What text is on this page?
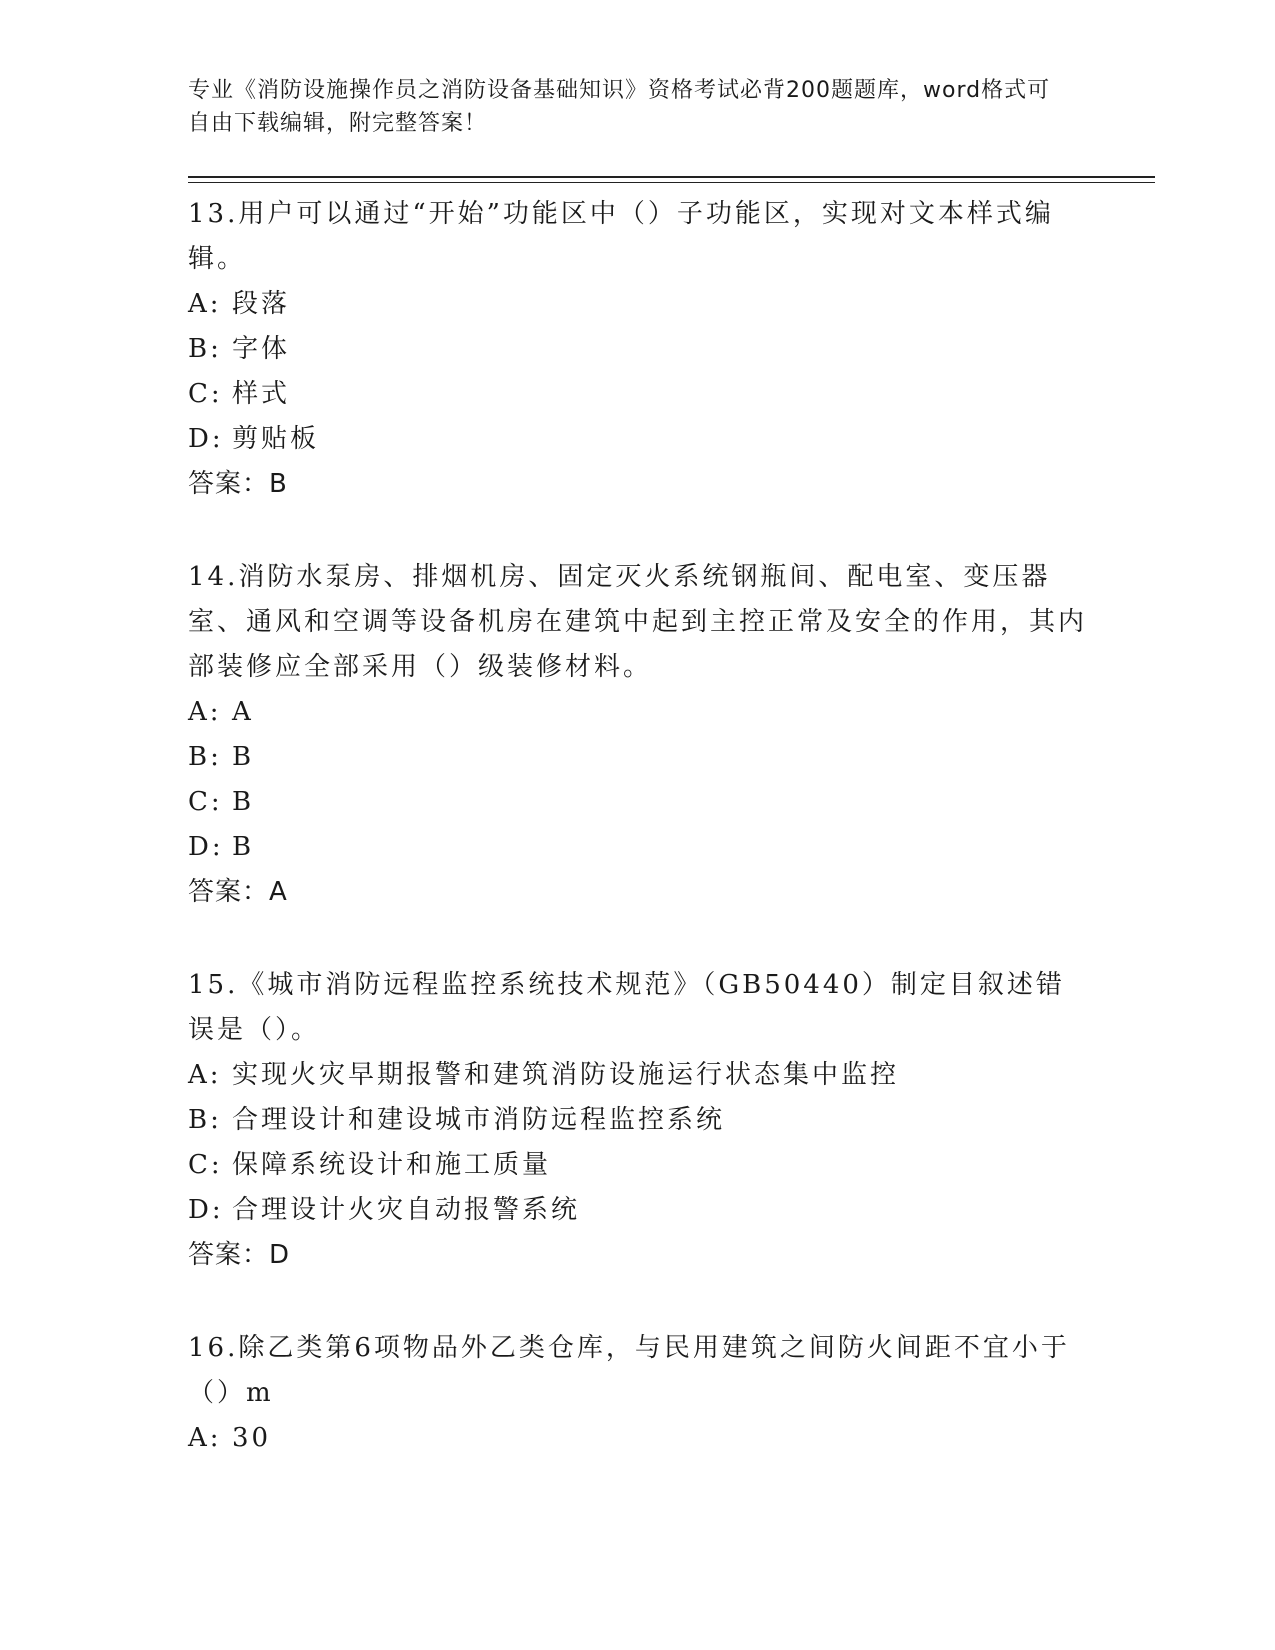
专业《消防设施操作员之消防设备基础知识》资格考试必背200题题库，word格式可自由下载编辑，附完整答案！

13.用户可以通过“开始”功能区中（）子功能区，实现对文本样式编辑。

A: 段落

B: 字体

C: 样式

D: 剪贴板

答案：B

14.消防水泵房、排烟机房、固定灭火系统钢瓶间、配电室、变压器室、通风和空调等设备机房在建筑中起到主控正常及安全的作用，其内部装修应全部采用（）级装修材料。

A: A

B: B

C: B

D: B

答案：A

15.《城市消防远程监控系统技术规范》（GB50440）制定目叙述错误是（）。

A: 实现火灾早期报警和建筑消防设施运行状态集中监控

B: 合理设计和建设城市消防远程监控系统

C: 保障系统设计和施工质量

D: 合理设计火灾自动报警系统

答案：D

16.除乙类第6项物品外乙类仓库，与民用建筑之间防火间距不宜小于（）m

A: 30
